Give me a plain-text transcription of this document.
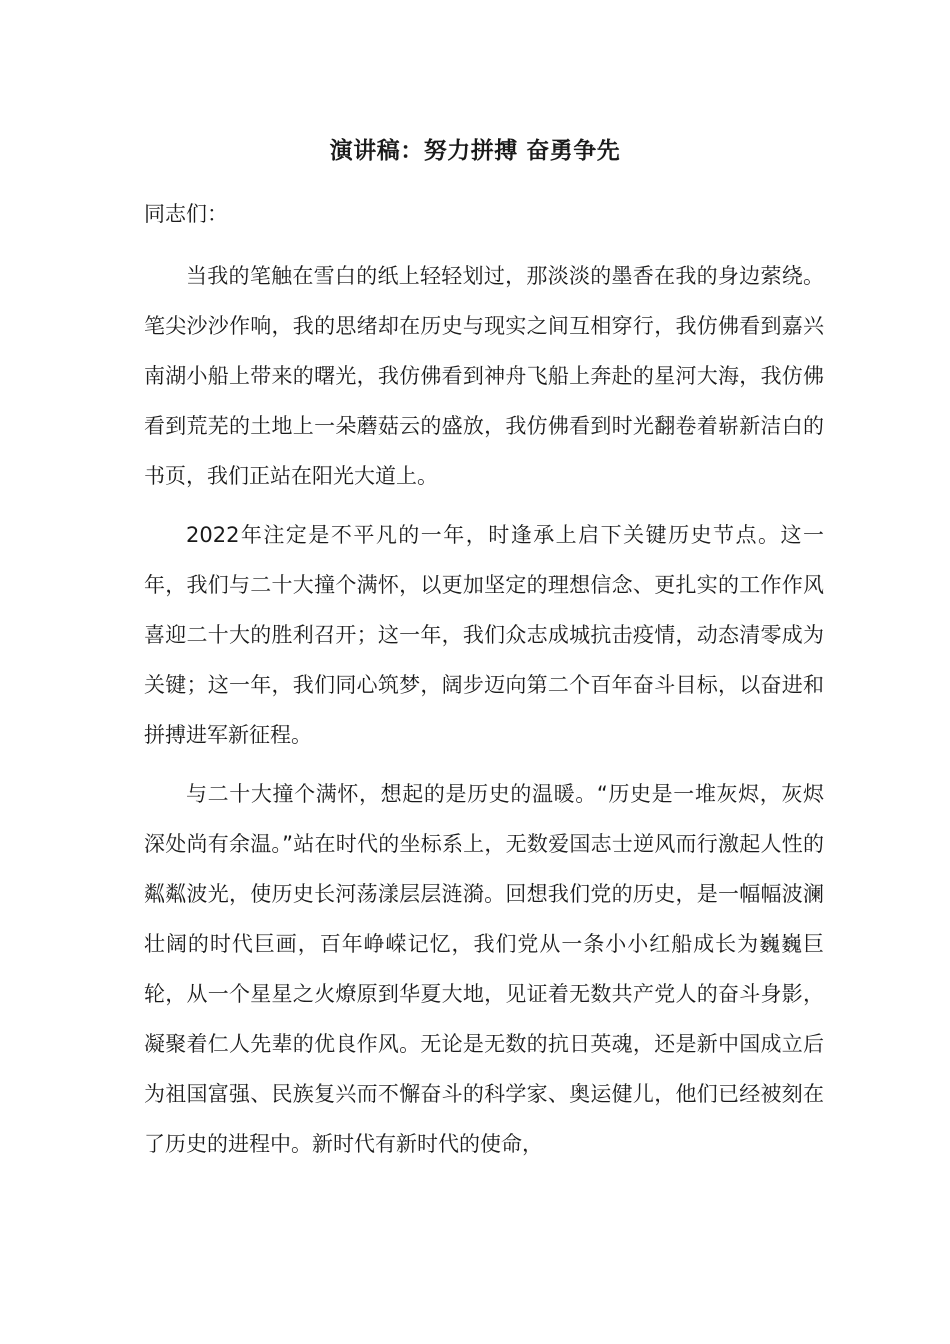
演讲稿：努力拼搏 奋勇争先
同志们：

当我的笔触在雪白的纸上轻轻划过，那淡淡的墨香在我的身边萦绕。笔尖沙沙作响，我的思绪却在历史与现实之间互相穿行，我仿佛看到嘉兴南湖小船上带来的曙光，我仿佛看到神舟飞船上奔赴的星河大海，我仿佛看到荒芜的土地上一朵蘑菇云的盛放，我仿佛看到时光翻卷着崭新洁白的书页，我们正站在阳光大道上。

2022年注定是不平凡的一年，时逢承上启下关键历史节点。这一年，我们与二十大撞个满怀，以更加坚定的理想信念、更扎实的工作作风喜迎二十大的胜利召开；这一年，我们众志成城抗击疫情，动态清零成为关键；这一年，我们同心筑梦，阔步迈向第二个百年奋斗目标，以奋进和拼搏进军新征程。

与二十大撞个满怀，想起的是历史的温暖。“历史是一堆灰烬，灰烬深处尚有余温。”站在时代的坐标系上，无数爱国志士逆风而行激起人性的粼粼波光，使历史长河荡漾层层涟漪。回想我们党的历史，是一幅幅波澜壮阔的时代巨画，百年峥嵘记忆，我们党从一条小小红船成长为巍巍巨轮，从一个星星之火燎原到华夏大地，见证着无数共产党人的奋斗身影，凝聚着仁人先辈的优良作风。无论是无数的抗日英魂，还是新中国成立后为祖国富强、民族复兴而不懈奋斗的科学家、奥运健儿，他们已经被刻在了历史的进程中。新时代有新时代的使命，
